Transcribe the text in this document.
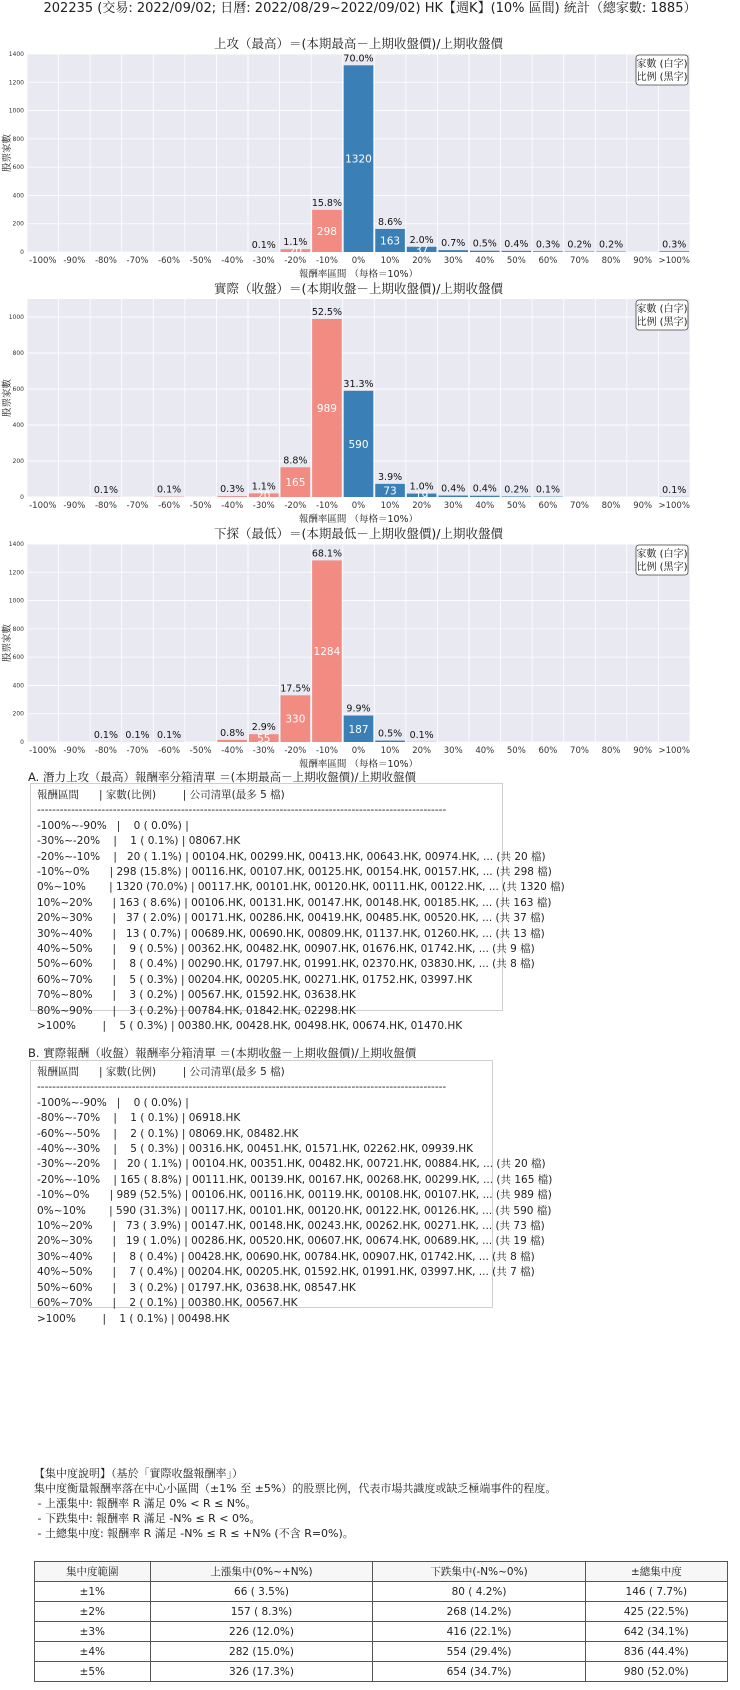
202235 (交易: 2022/09/02; 日曆: 2022/08/29~2022/09/02) HK【週K】(10% 區間) 統計（總家數: 1885）
上攻（最高）＝(本期最高－上期收盤價)/上期收盤價
0
200
400
600
800
1000
1200
1400
-100% -90% -80% -70% -60% -50% -40% -30%
0.1%
-20%
1.1%
20
-10%
15.8%
298
0%
70.0%
1320
10%
8.6%
163
20%
2.0%
37
30%
0.7%
40%
0.5%
50%
0.4%
60%
0.3%
70%
0.2%
80%
0.2%
90% >100%
0.3%
報酬率區間 （每格＝10%）
股票家數
家數 (白字)
比例 (黑字)
實際（收盤）＝(本期收盤－上期收盤價)/上期收盤價
0
200
400
600
800
1000
-100% -90% -80%
0.1%
-70% -60%
0.1%
-50% -40%
0.3%
-30%
1.1%
20
-20%
8.8%
165
-10%
52.5%
989
0%
31.3%
590
10%
3.9%
73
20%
1.0%
19
30%
0.4%
40%
0.4%
50%
0.2%
60%
0.1%
70% 80% 90% >100%
0.1%
報酬率區間 （每格＝10%）
股票家數
家數 (白字)
比例 (黑字)
下探（最低）＝(本期最低－上期收盤價)/上期收盤價
0
200
400
600
800
1000
1200
1400
-100% -90% -80%
0.1%
-70%
0.1%
-60%
0.1%
-50% -40%
0.8%
-30%
2.9%
55
-20%
17.5%
330
-10%
68.1%
1284
0%
9.9%
187
10%
0.5%
20%
0.1%
30% 40% 50% 60% 70% 80% 90% >100%
報酬率區間 （每格＝10%）
股票家數
家數 (白字)
比例 (黑字)
A. 潛力上攻（最高）報酬率分箱清單 ＝(本期最高－上期收盤價)/上期收盤價
報酬區間      | 家數(比例)        | 公司清單(最多 5 檔)
------------------------------------------------------------------------------------------------------------
-100%~-90%   |    0 ( 0.0%) |
-30%~-20%    |    1 ( 0.1%) | 08067.HK
-20%~-10%    |   20 ( 1.1%) | 00104.HK, 00299.HK, 00413.HK, 00643.HK, 00974.HK, ... (共 20 檔)
-10%~0%      | 298 (15.8%) | 00116.HK, 00107.HK, 00125.HK, 00154.HK, 00157.HK, ... (共 298 檔)
0%~10%       | 1320 (70.0%) | 00117.HK, 00101.HK, 00120.HK, 00111.HK, 00122.HK, ... (共 1320 檔)
10%~20%      | 163 ( 8.6%) | 00106.HK, 00131.HK, 00147.HK, 00148.HK, 00185.HK, ... (共 163 檔)
20%~30%      |   37 ( 2.0%) | 00171.HK, 00286.HK, 00419.HK, 00485.HK, 00520.HK, ... (共 37 檔)
30%~40%      |   13 ( 0.7%) | 00689.HK, 00690.HK, 00809.HK, 01137.HK, 01260.HK, ... (共 13 檔)
40%~50%      |    9 ( 0.5%) | 00362.HK, 00482.HK, 00907.HK, 01676.HK, 01742.HK, ... (共 9 檔)
50%~60%      |    8 ( 0.4%) | 00290.HK, 01797.HK, 01991.HK, 02370.HK, 03830.HK, ... (共 8 檔)
60%~70%      |    5 ( 0.3%) | 00204.HK, 00205.HK, 00271.HK, 01752.HK, 03997.HK
70%~80%      |    3 ( 0.2%) | 00567.HK, 01592.HK, 03638.HK
80%~90%      |    3 ( 0.2%) | 00784.HK, 01842.HK, 02298.HK
>100%        |    5 ( 0.3%) | 00380.HK, 00428.HK, 00498.HK, 00674.HK, 01470.HK
B. 實際報酬（收盤）報酬率分箱清單 ＝(本期收盤－上期收盤價)/上期收盤價
報酬區間      | 家數(比例)        | 公司清單(最多 5 檔)
------------------------------------------------------------------------------------------------------------
-100%~-90%   |    0 ( 0.0%) |
-80%~-70%    |    1 ( 0.1%) | 06918.HK
-60%~-50%    |    2 ( 0.1%) | 08069.HK, 08482.HK
-40%~-30%    |    5 ( 0.3%) | 00316.HK, 00451.HK, 01571.HK, 02262.HK, 09939.HK
-30%~-20%    |   20 ( 1.1%) | 00104.HK, 00351.HK, 00482.HK, 00721.HK, 00884.HK, ... (共 20 檔)
-20%~-10%    | 165 ( 8.8%) | 00111.HK, 00139.HK, 00167.HK, 00268.HK, 00299.HK, ... (共 165 檔)
-10%~0%      | 989 (52.5%) | 00106.HK, 00116.HK, 00119.HK, 00108.HK, 00107.HK, ... (共 989 檔)
0%~10%       | 590 (31.3%) | 00117.HK, 00101.HK, 00120.HK, 00122.HK, 00126.HK, ... (共 590 檔)
10%~20%      |   73 ( 3.9%) | 00147.HK, 00148.HK, 00243.HK, 00262.HK, 00271.HK, ... (共 73 檔)
20%~30%      |   19 ( 1.0%) | 00286.HK, 00520.HK, 00607.HK, 00674.HK, 00689.HK, ... (共 19 檔)
30%~40%      |    8 ( 0.4%) | 00428.HK, 00690.HK, 00784.HK, 00907.HK, 01742.HK, ... (共 8 檔)
40%~50%      |    7 ( 0.4%) | 00204.HK, 00205.HK, 01592.HK, 01991.HK, 03997.HK, ... (共 7 檔)
50%~60%      |    3 ( 0.2%) | 01797.HK, 03638.HK, 08547.HK
60%~70%      |    2 ( 0.1%) | 00380.HK, 00567.HK
>100%        |    1 ( 0.1%) | 00498.HK
【集中度說明】（基於「實際收盤報酬率」）
集中度衡量報酬率落在中心小區間（±1% 至 ±5%）的股票比例，代表市場共識度或缺乏極端事件的程度。
- 上漲集中: 報酬率 R 滿足 0% < R ≤ N%。
- 下跌集中: 報酬率 R 滿足 -N% ≤ R < 0%。
- 土總集中度: 報酬率 R 滿足 -N% ≤ R ≤ +N% (不含 R=0%)。
集中度範圍	上漲集中(0%~+N%)	下跌集中(-N%~0%)	±總集中度
±1%	66 ( 3.5%)	80 ( 4.2%)	146 ( 7.7%)
±2%	157 ( 8.3%)	268 (14.2%)	425 (22.5%)
±3%	226 (12.0%)	416 (22.1%)	642 (34.1%)
±4%	282 (15.0%)	554 (29.4%)	836 (44.4%)
±5%	326 (17.3%)	654 (34.7%)	980 (52.0%)
